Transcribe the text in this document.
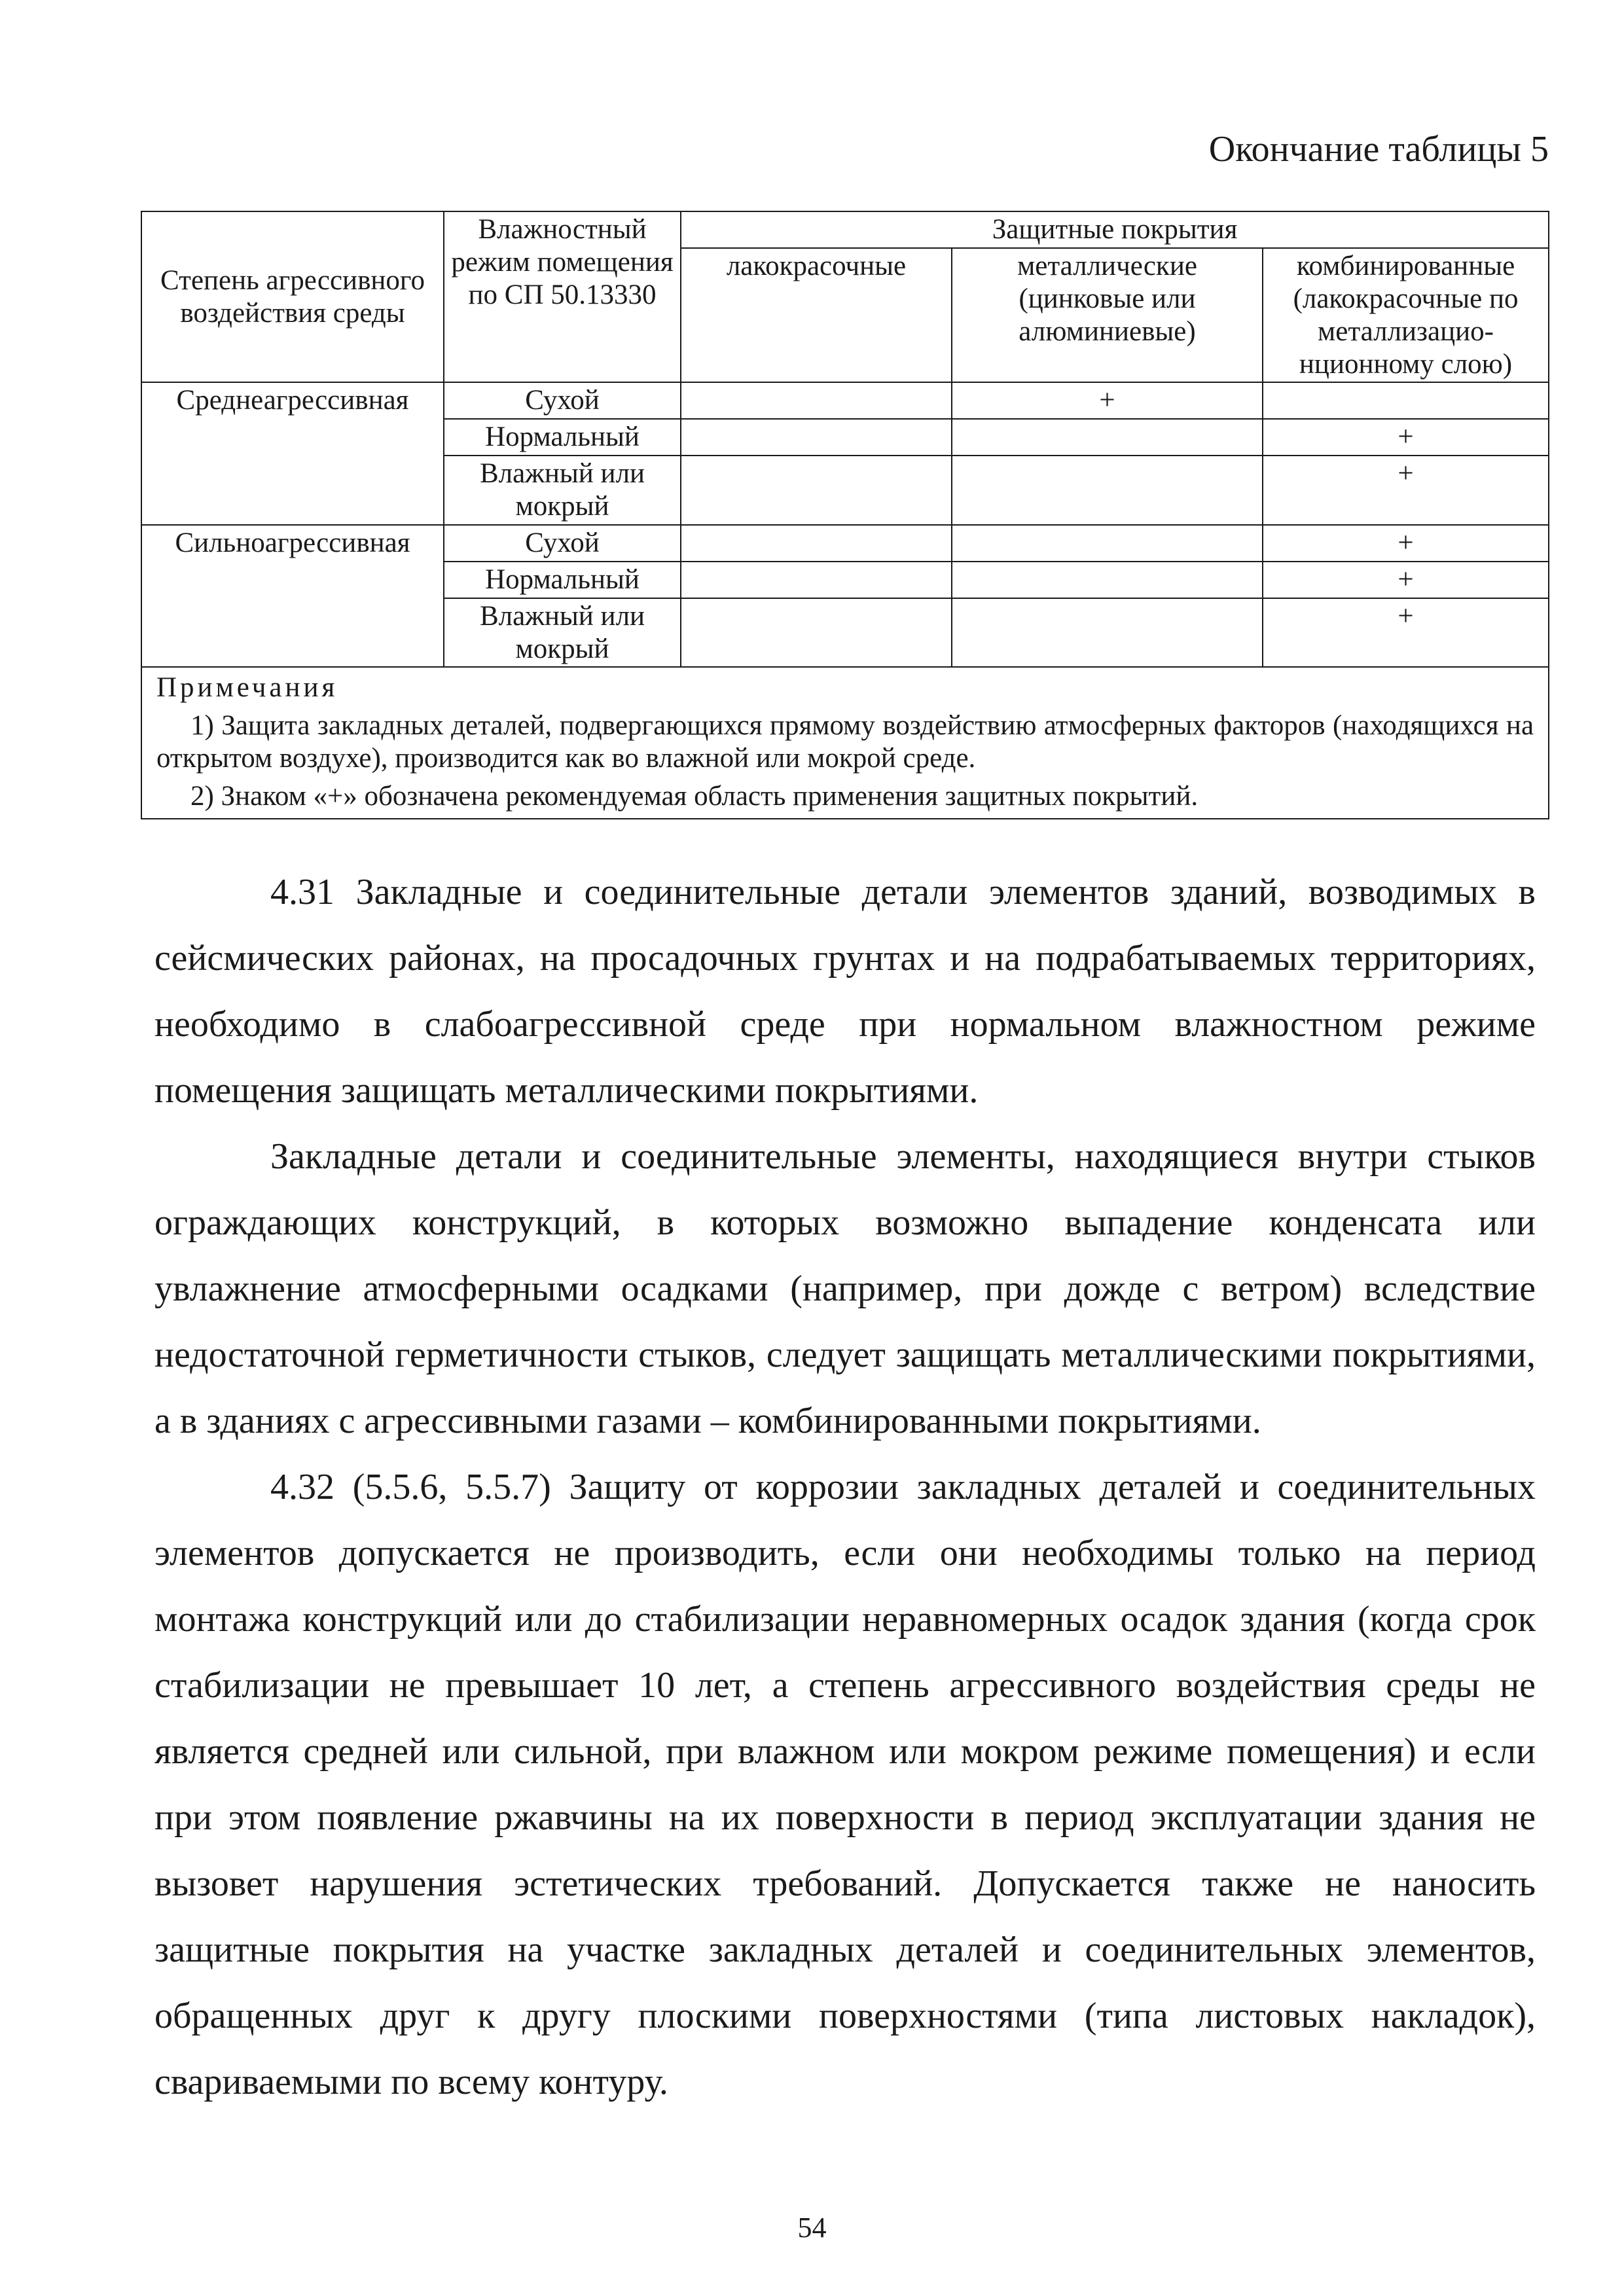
Окончание таблицы 5
Степень агрессивного воздействия среды	Влажностный режим помещения по СП 50.13330	Защитные покрытия		
		лакокрасочные	металлические (цинковые или алюминиевые)	комбинированные (лакокрасочные по металлизацио-нционному слою)
Среднеагрессивная	Сухой		+	
	Нормальный			+
	Влажный или мокрый			+
Сильноагрессивная	Сухой			+
	Нормальный			+
	Влажный или мокрый			+

Примечания

1) Защита закладных деталей, подвергающихся прямому воздействию атмосферных факторов (находящихся на открытом воздухе), производится как во влажной или мокрой среде.

2) Знаком «+» обозначена рекомендуемая область применения защитных покрытий.				

4.31 Закладные и соединительные детали элементов зданий, возводимых в сейсмических районах, на просадочных грунтах и на подрабатываемых территориях, необходимо в слабоагрессивной среде при нормальном влажностном режиме помещения защищать металлическими покрытиями.

Закладные детали и соединительные элементы, находящиеся внутри стыков ограждающих конструкций, в которых возможно выпадение конденсата или увлажнение атмосферными осадками (например, при дожде с ветром) вследствие недостаточной герметичности стыков, следует защищать металлическими покрытиями, а в зданиях с агрессивными газами – комбинированными покрытиями.

4.32 (5.5.6, 5.5.7) Защиту от коррозии закладных деталей и соединительных элементов допускается не производить, если они необходимы только на период монтажа конструкций или до стабилизации неравномерных осадок здания (когда срок стабилизации не превышает 10 лет, а степень агрессивного воздействия среды не является средней или сильной, при влажном или мокром режиме помещения) и если при этом появление ржавчины на их поверхности в период эксплуатации здания не вызовет нарушения эстетических требований. Допускается также не наносить защитные покрытия на участке закладных деталей и соединительных элементов, обращенных друг к другу плоскими поверхностями (типа листовых накладок), свариваемыми по всему контуру.

54
